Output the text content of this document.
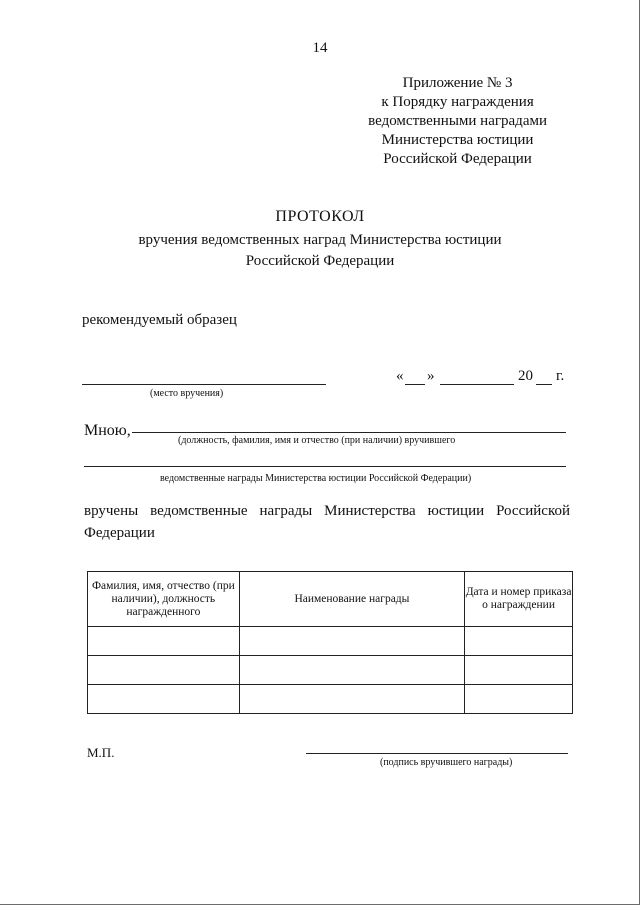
14
Приложение № 3
к Порядку награждения
ведомственными наградами
Министерства юстиции
Российской Федерации
ПРОТОКОЛ
вручения ведомственных наград Министерства юстиции
Российской Федерации
рекомендуемый образец
(место вручения)
« »	20 г.
Мною,
(должность, фамилия, имя и отчество (при наличии) вручившего
ведомственные награды Министерства юстиции Российской Федерации)
вручены ведомственные награды Министерства юстиции Российской Федерации
Фамилия, имя, отчество (при наличии), должность награжденного	Наименование награды	Дата и номер приказа о награждении

М.П.
(подпись вручившего награды)
